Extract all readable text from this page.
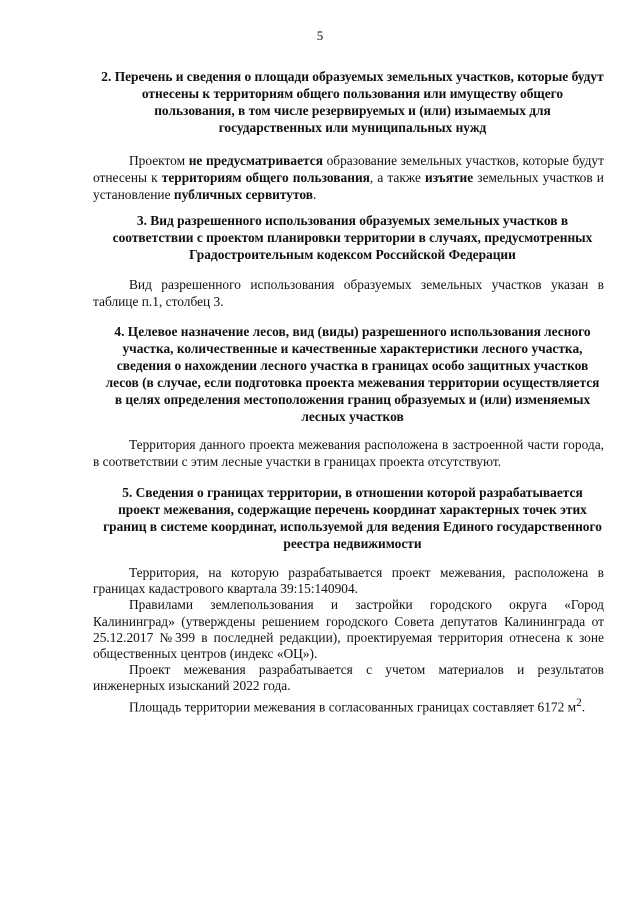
5

2. Перечень и сведения о площади образуемых земельных участков, которые будут отнесены к территориям общего пользования или имуществу общего пользования, в том числе резервируемых и (или) изымаемых для государственных или муниципальных нужд

Проектом не предусматривается образование земельных участков, которые будут отнесены к территориям общего пользования, а также изъятие земельных участков и установление публичных сервитутов.

3. Вид разрешенного использования образуемых земельных участков в соответствии с проектом планировки территории в случаях, предусмотренных Градостроительным кодексом Российской Федерации

Вид разрешенного использования образуемых земельных участков указан в таблице п.1, столбец 3.

4. Целевое назначение лесов, вид (виды) разрешенного использования лесного участка, количественные и качественные характеристики лесного участка, сведения о нахождении лесного участка в границах особо защитных участков лесов (в случае, если подготовка проекта межевания территории осуществляется в целях определения местоположения границ образуемых и (или) изменяемых лесных участков

Территория данного проекта межевания расположена в застроенной части города, в соответствии с этим лесные участки в границах проекта отсутствуют.

5. Сведения о границах территории, в отношении которой разрабатывается проект межевания, содержащие перечень координат характерных точек этих границ в системе координат, используемой для ведения Единого государственного реестра недвижимости

Территория, на которую разрабатывается проект межевания, расположена в границах кадастрового квартала 39:15:140904.

Правилами землепользования и застройки городского округа «Город Калининград» (утверждены решением городского Совета депутатов Калининграда от 25.12.2017 №399 в последней редакции), проектируемая территория отнесена к зоне общественных центров (индекс «ОЦ»).

Проект межевания разрабатывается с учетом материалов и результатов инженерных изысканий 2022 года.

Площадь территории межевания в согласованных границах составляет 6172 $м^2$.
